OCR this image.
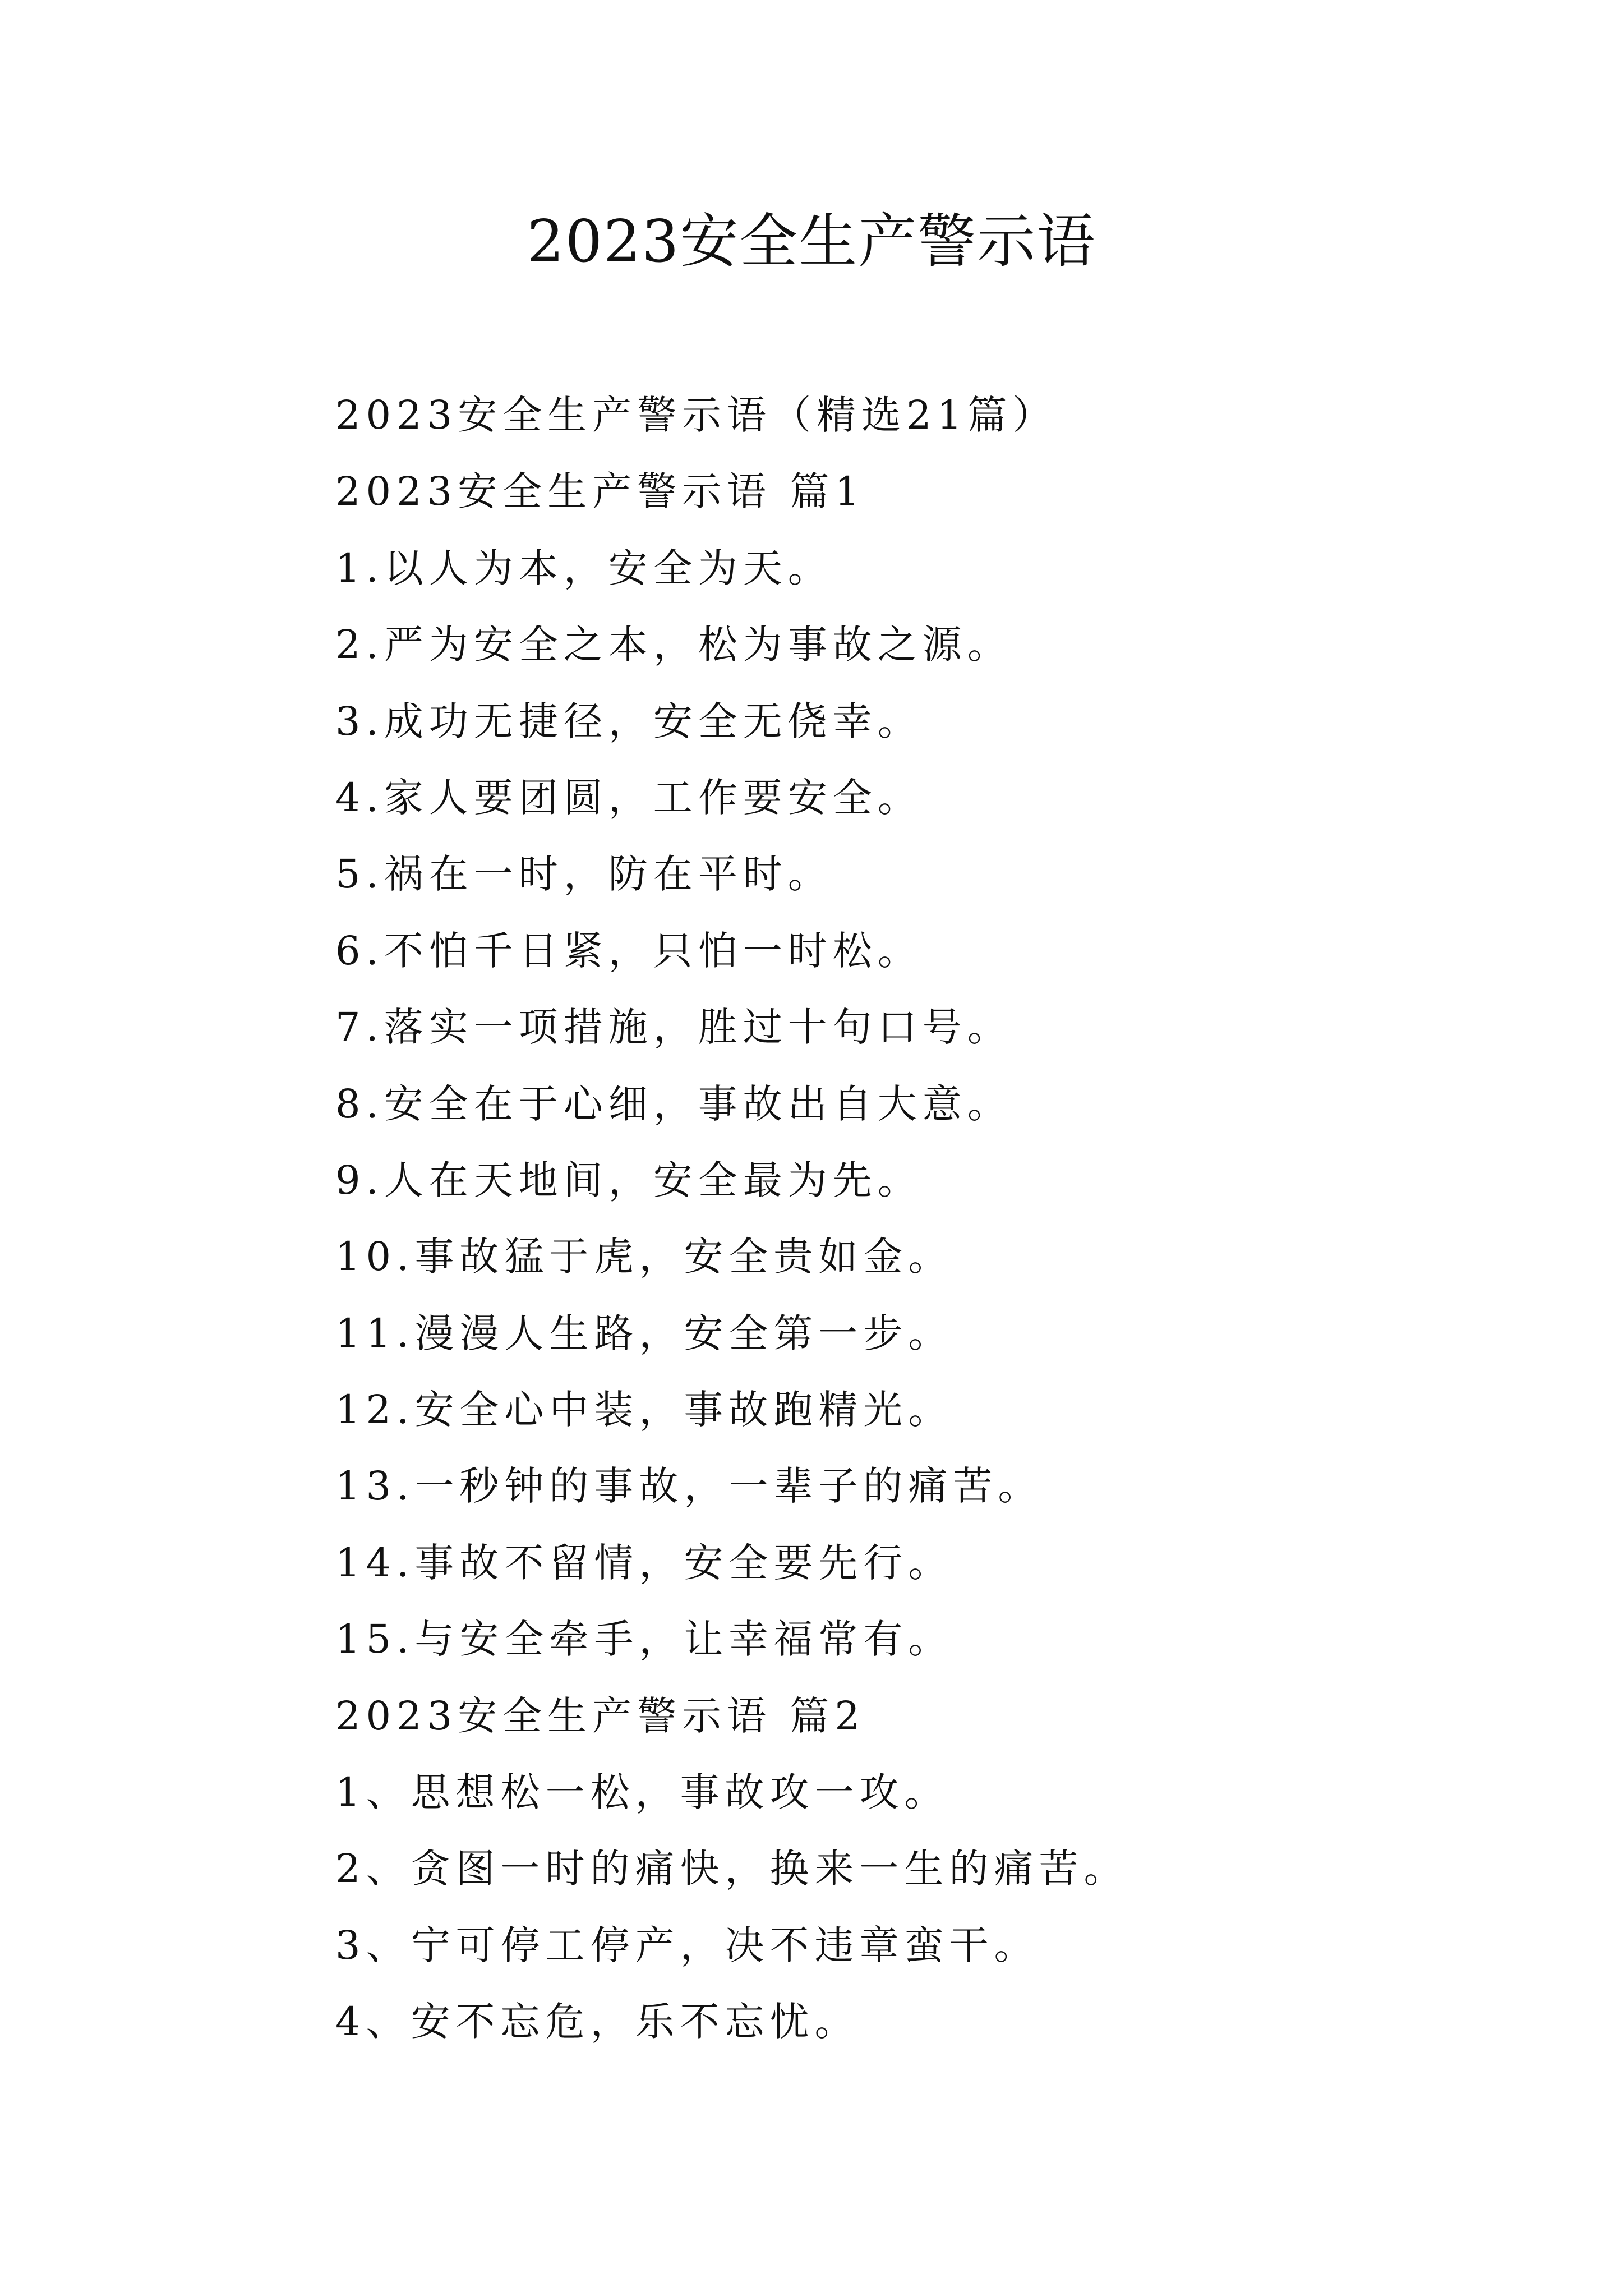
2023安全生产警示语
2023安全生产警示语（精选21篇）
2023安全生产警示语 篇1
1.以人为本，安全为天。
2.严为安全之本，松为事故之源。
3.成功无捷径，安全无侥幸。
4.家人要团圆，工作要安全。
5.祸在一时，防在平时。
6.不怕千日紧，只怕一时松。
7.落实一项措施，胜过十句口号。
8.安全在于心细，事故出自大意。
9.人在天地间，安全最为先。
10.事故猛于虎，安全贵如金。
11.漫漫人生路，安全第一步。
12.安全心中装，事故跑精光。
13.一秒钟的事故，一辈子的痛苦。
14.事故不留情，安全要先行。
15.与安全牵手，让幸福常有。
2023安全生产警示语 篇2
1、思想松一松，事故攻一攻。
2、贪图一时的痛快，换来一生的痛苦。
3、宁可停工停产，决不违章蛮干。
4、安不忘危，乐不忘忧。
